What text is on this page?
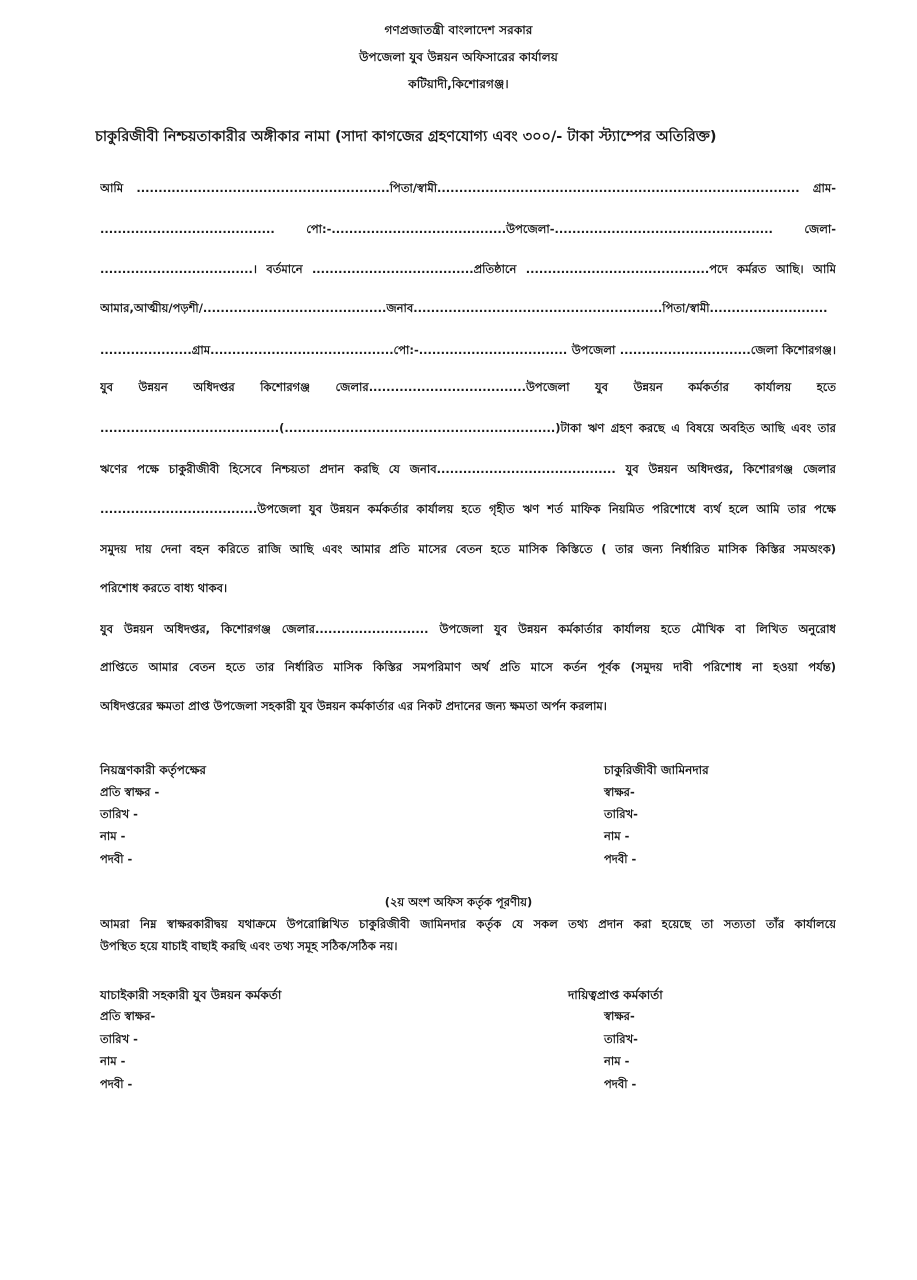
গণপ্রজাতন্ত্রী বাংলাদেশ সরকার
উপজেলা যুব উন্নয়ন অফিসারের কার্যালয়
কটিয়াদী,কিশোরগঞ্জ।
চাকুরিজীবী নিশ্চয়তাকারীর অঙ্গীকার নামা (সাদা কাগজের গ্রহণযোগ্য এবং ৩০০/- টাকা স্ট্যাম্পের অতিরিক্ত)
আমি ..........................................................পিতা/স্বামী................................................................................... গ্রাম-
........................................ পো:-........................................উপজেলা-.................................................. জেলা-
...................................। বর্তমানে .....................................প্রতিষ্ঠানে ..........................................পদে কর্মরত আছি। আমি
আমার,আত্মীয়/পড়শী/..........................................জনাব.........................................................পিতা/স্বামী...........................
.....................গ্রাম..........................................পো:-.................................. উপজেলা ..............................জেলা কিশোরগঞ্জ।
যুব উন্নয়ন অধিদপ্তর কিশোরগঞ্জ জেলার....................................উপজেলা যুব উন্নয়ন কর্মকর্তার কার্যালয় হতে
.........................................(..............................................................)টাকা ঋণ গ্রহণ করছে এ বিষয়ে অবহিত আছি এবং তার
ঋণের পক্ষে চাকুরীজীবী হিসেবে নিশ্চয়তা প্রদান করছি যে জনাব......................................... যুব উন্নয়ন অধিদপ্তর, কিশোরগঞ্জ জেলার
....................................উপজেলা যুব উন্নয়ন কর্মকর্তার কার্যালয় হতে গৃহীত ঋণ শর্ত মাফিক নিয়মিত পরিশোধে ব্যর্থ হলে আমি তার পক্ষে
সমুদয় দায় দেনা বহন করিতে রাজি আছি এবং আমার প্রতি মাসের বেতন হতে মাসিক কিস্তিতে ( তার জন্য নির্ধারিত মাসিক কিস্তির সমঅংক)
পরিশোধ করতে বাধ্য থাকব।
যুব উন্নয়ন অধিদপ্তর, কিশোরগঞ্জ জেলার.......................... উপজেলা যুব উন্নয়ন কর্মকার্তার কার্যালয় হতে মৌখিক বা লিখিত অনুরোধ
প্রাপ্তিতে আমার বেতন হতে তার নির্ধারিত মাসিক কিস্তির সমপরিমাণ অর্থ প্রতি মাসে কর্তন পূর্বক (সমুদয় দাবী পরিশোধ না হওয়া পর্যন্ত)
অধিদপ্তরের ক্ষমতা প্রাপ্ত উপজেলা সহকারী যুব উন্নয়ন কর্মকার্তার এর নিকট প্রদানের জন্য ক্ষমতা অর্পন করলাম।
নিয়ন্ত্রণকারী কর্তৃপক্ষের
প্রতি স্বাক্ষর -
তারিখ -
নাম -
পদবী -
চাকুরিজীবী জামিনদার
স্বাক্ষর-
তারিখ-
নাম -
পদবী -
(২য় অংশ অফিস কর্তৃক পূরণীয়)
আমরা নিম্ন স্বাক্ষরকারীদ্বয় যথাক্রমে উপরোল্লিখিত চাকুরিজীবী জামিনদার কর্তৃক যে সকল তথ্য প্রদান করা হয়েছে তা সত্যতা তাঁর কার্যালয়ে
উপস্থিত হয়ে যাচাই বাছাই করছি এবং তথ্য সমূহ সঠিক/সঠিক নয়।
যাচাইকারী সহকারী যুব উন্নয়ন কর্মকর্তা
প্রতি স্বাক্ষর-
তারিখ -
নাম -
পদবী -
দায়িত্বপ্রাপ্ত কর্মকার্তা
স্বাক্ষর-
তারিখ-
নাম -
পদবী -
